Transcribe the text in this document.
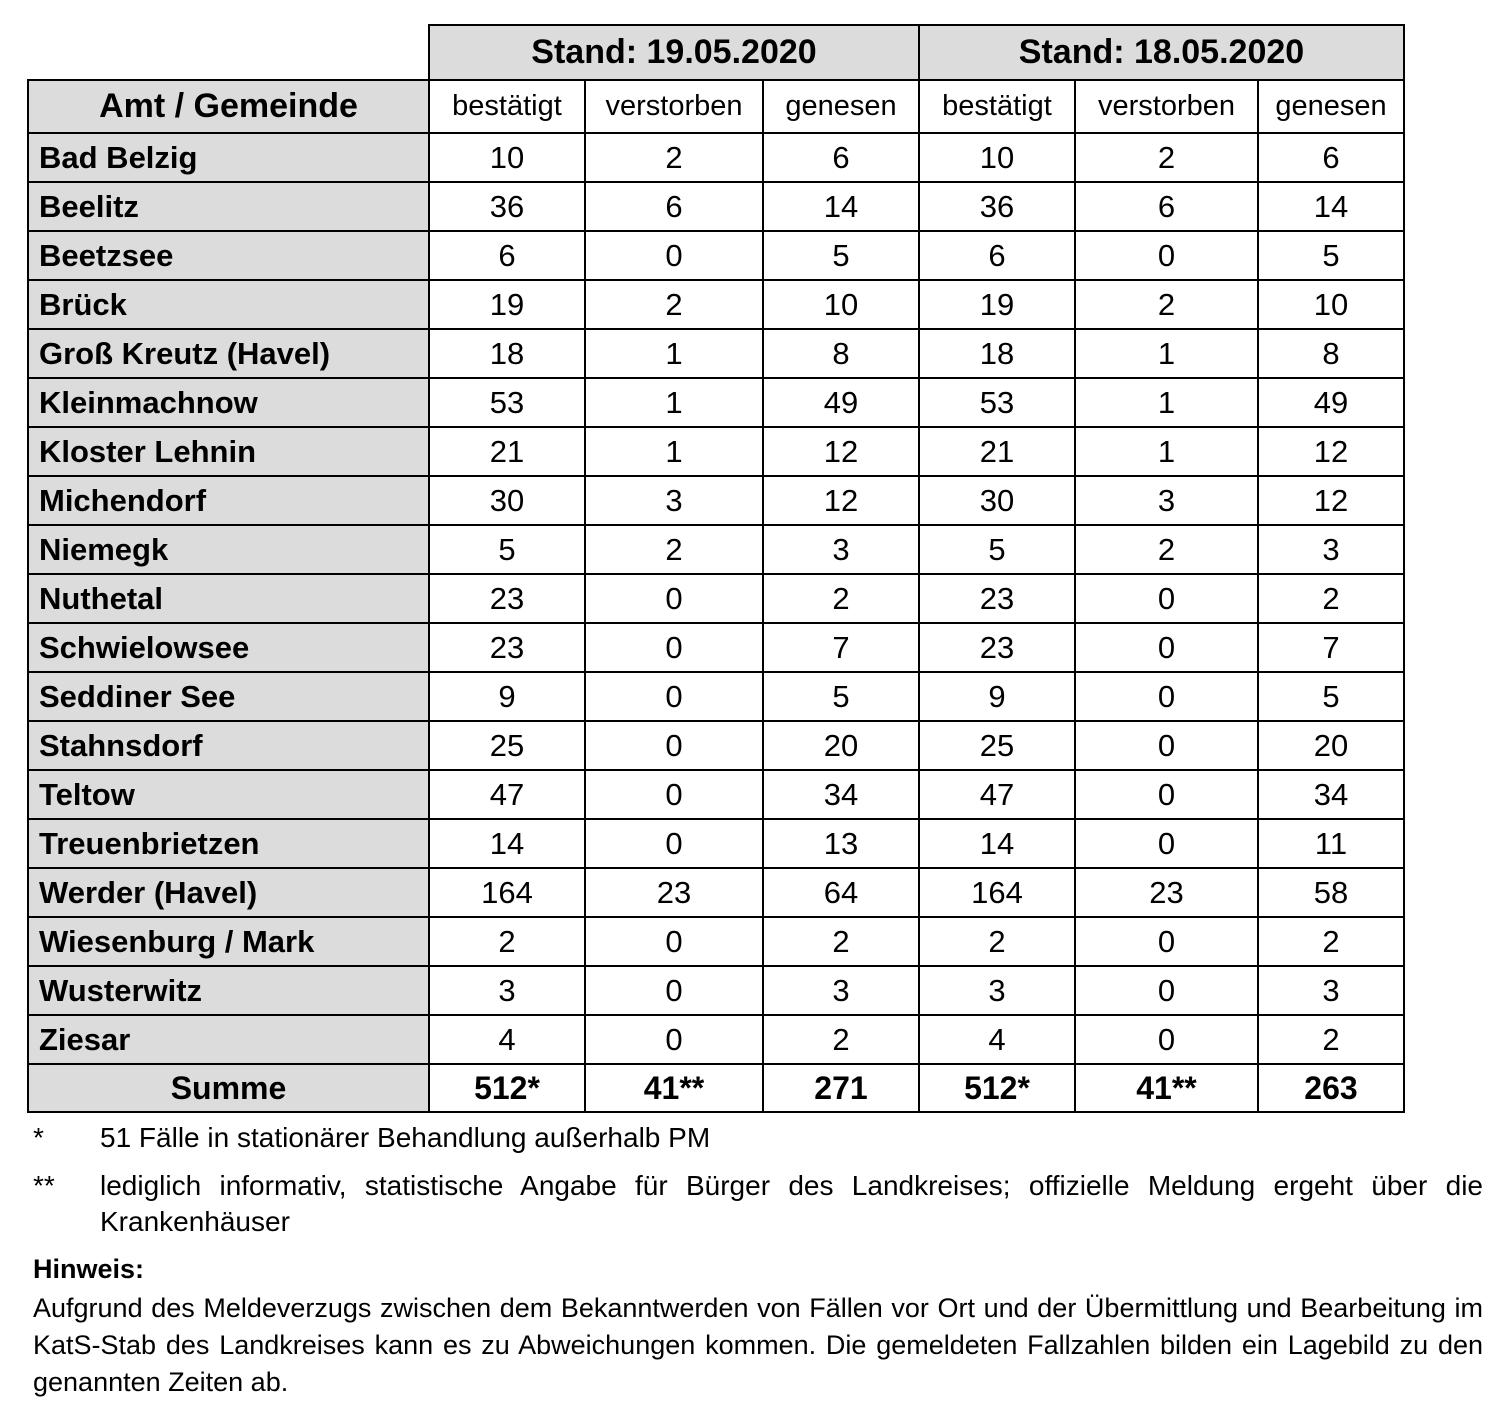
	Stand: 19.05.2020			Stand: 18.05.2020		
Amt / Gemeinde	bestätigt	verstorben	genesen	bestätigt	verstorben	genesen
Bad Belzig	10	2	6	10	2	6
Beelitz	36	6	14	36	6	14
Beetzsee	6	0	5	6	0	5
Brück	19	2	10	19	2	10
Groß Kreutz (Havel)	18	1	8	18	1	8
Kleinmachnow	53	1	49	53	1	49
Kloster Lehnin	21	1	12	21	1	12
Michendorf	30	3	12	30	3	12
Niemegk	5	2	3	5	2	3
Nuthetal	23	0	2	23	0	2
Schwielowsee	23	0	7	23	0	7
Seddiner See	9	0	5	9	0	5
Stahnsdorf	25	0	20	25	0	20
Teltow	47	0	34	47	0	34
Treuenbrietzen	14	0	13	14	0	11
Werder (Havel)	164	23	64	164	23	58
Wiesenburg / Mark	2	0	2	2	0	2
Wusterwitz	3	0	3	3	0	3
Ziesar	4	0	2	4	0	2
Summe	512*	41**	271	512*	41**	263
*	51 Fälle in stationärer Behandlung außerhalb PM
**	lediglich informativ, statistische Angabe für Bürger des Landkreises; offizielle Meldung ergeht über die Krankenhäuser
Hinweis:
Aufgrund des Meldeverzugs zwischen dem Bekanntwerden von Fällen vor Ort und der Übermittlung und Bearbeitung im KatS-Stab des Landkreises kann es zu Abweichungen kommen. Die gemeldeten Fallzahlen bilden ein Lagebild zu den genannten Zeiten ab.
